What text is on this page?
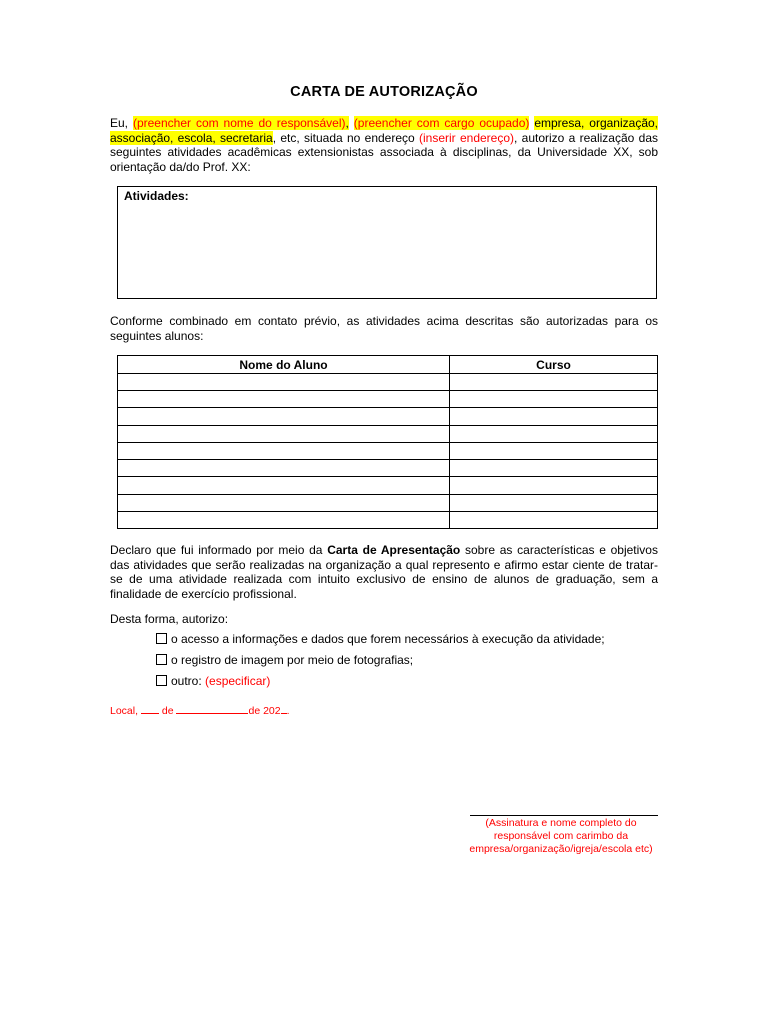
CARTA DE AUTORIZAÇÃO
Eu, (preencher com nome do responsável), (preencher com cargo ocupado) empresa, organização, associação, escola, secretaria, etc, situada no endereço (inserir endereço), autorizo a realização das seguintes atividades acadêmicas extensionistas associada à disciplinas, da Universidade XX, sob orientação da/do Prof. XX:
Atividades:
Conforme combinado em contato prévio, as atividades acima descritas são autorizadas para os seguintes alunos:
Nome do Aluno	Curso

Declaro que fui informado por meio da Carta de Apresentação sobre as características e objetivos das atividades que serão realizadas na organização a qual represento e afirmo estar ciente de tratar-se de uma atividade realizada com intuito exclusivo de ensino de alunos de graduação, sem a finalidade de exercício profissional.
Desta forma, autorizo:
o acesso a informações e dados que forem necessários à execução da atividade;
o registro de imagem por meio de fotografias;
outro: (especificar)
Local, de	de 202 .
(Assinatura e nome completo do
responsável com carimbo da
empresa/organização/igreja/escola etc)
